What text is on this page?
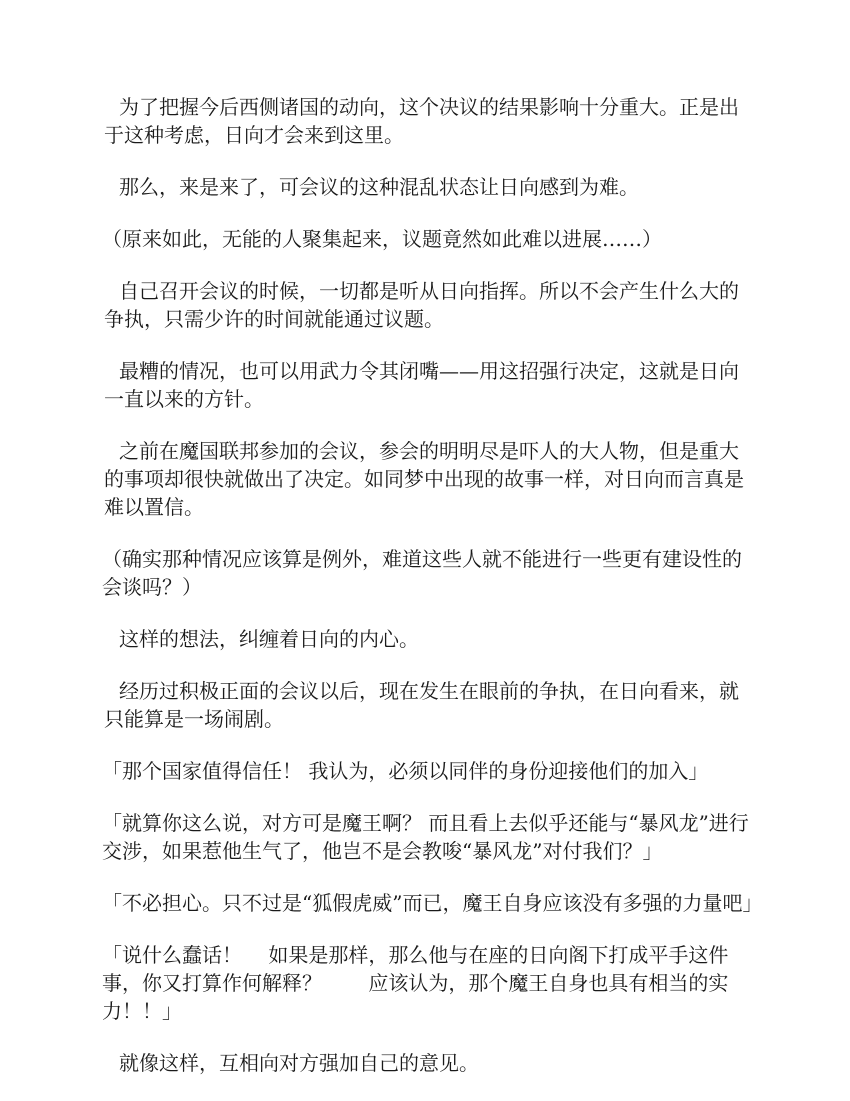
为了把握今后西侧诸国的动向，这个决议的结果影响十分重大。正是出于这种考虑，日向才会来到这里。

那么，来是来了，可会议的这种混乱状态让日向感到为难。

（原来如此，无能的人聚集起来，议题竟然如此难以进展……）

自己召开会议的时候，一切都是听从日向指挥。所以不会产生什么大的争执，只需少许的时间就能通过议题。

最糟的情况，也可以用武力令其闭嘴——用这招强行决定，这就是日向一直以来的方针。

之前在魔国联邦参加的会议，参会的明明尽是吓人的大人物，但是重大的事项却很快就做出了决定。如同梦中出现的故事一样，对日向而言真是难以置信。

（确实那种情况应该算是例外，难道这些人就不能进行一些更有建设性的会谈吗？）

这样的想法，纠缠着日向的内心。

经历过积极正面的会议以后，现在发生在眼前的争执，在日向看来，就只能算是一场闹剧。

「那个国家值得信任！ 我认为，必须以同伴的身份迎接他们的加入」

「就算你这么说，对方可是魔王啊？ 而且看上去似乎还能与“暴风龙”进行交涉，如果惹他生气了，他岂不是会教唆“暴风龙”对付我们？」

「不必担心。只不过是“狐假虎威”而已，魔王自身应该没有多强的力量吧」

「说什么蠢话！　 如果是那样，那么他与在座的日向阁下打成平手这件事，你又打算作何解释？　　 应该认为，那个魔王自身也具有相当的实力！！」

就像这样，互相向对方强加自己的意见。
